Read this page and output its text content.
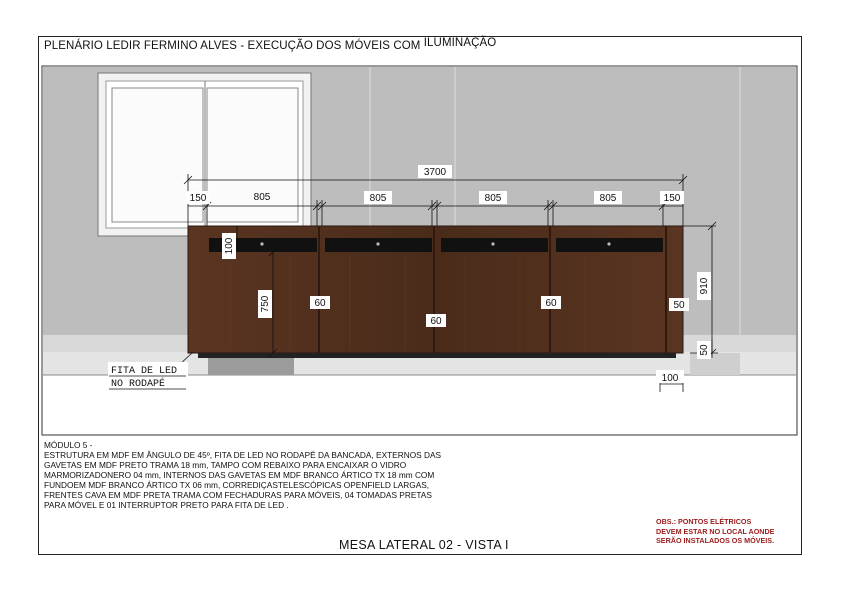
PLENÁRIO LEDIR FERMINO ALVES - EXECUÇÃO DOS MÓVEIS COM ILUMINAÇÃO
3700
150	805	805	805	805	150
100
750
910
60
60
60	50
50
100
FITA DE LED
NO RODAPÉ
MÓDULO 5 -
ESTRUTURA EM MDF EM ÂNGULO DE 45º, FITA DE LED NO RODAPÉ DA BANCADA, EXTERNOS DAS
GAVETAS EM MDF PRETO TRAMA 18 mm, TAMPO COM REBAIXO PARA ENCAIXAR O VIDRO
MARMORIZADONERO 04 mm, INTERNOS DAS GAVETAS EM MDF BRANCO ÁRTICO TX 18 mm COM
FUNDOEM MDF BRANCO ÁRTICO TX 06 mm, CORREDIÇASTELESCÓPICAS OPENFIELD LARGAS,
FRENTES CAVA EM MDF PRETA TRAMA COM FECHADURAS PARA MÓVEIS, 04 TOMADAS PRETAS
PARA MÓVEL E 01 INTERRUPTOR PRETO PARA FITA DE LED .
OBS.: PONTOS ELÉTRICOS
DEVEM ESTAR NO LOCAL AONDE
SERÃO INSTALADOS OS MÓVEIS.
MESA LATERAL 02 - VISTA I
